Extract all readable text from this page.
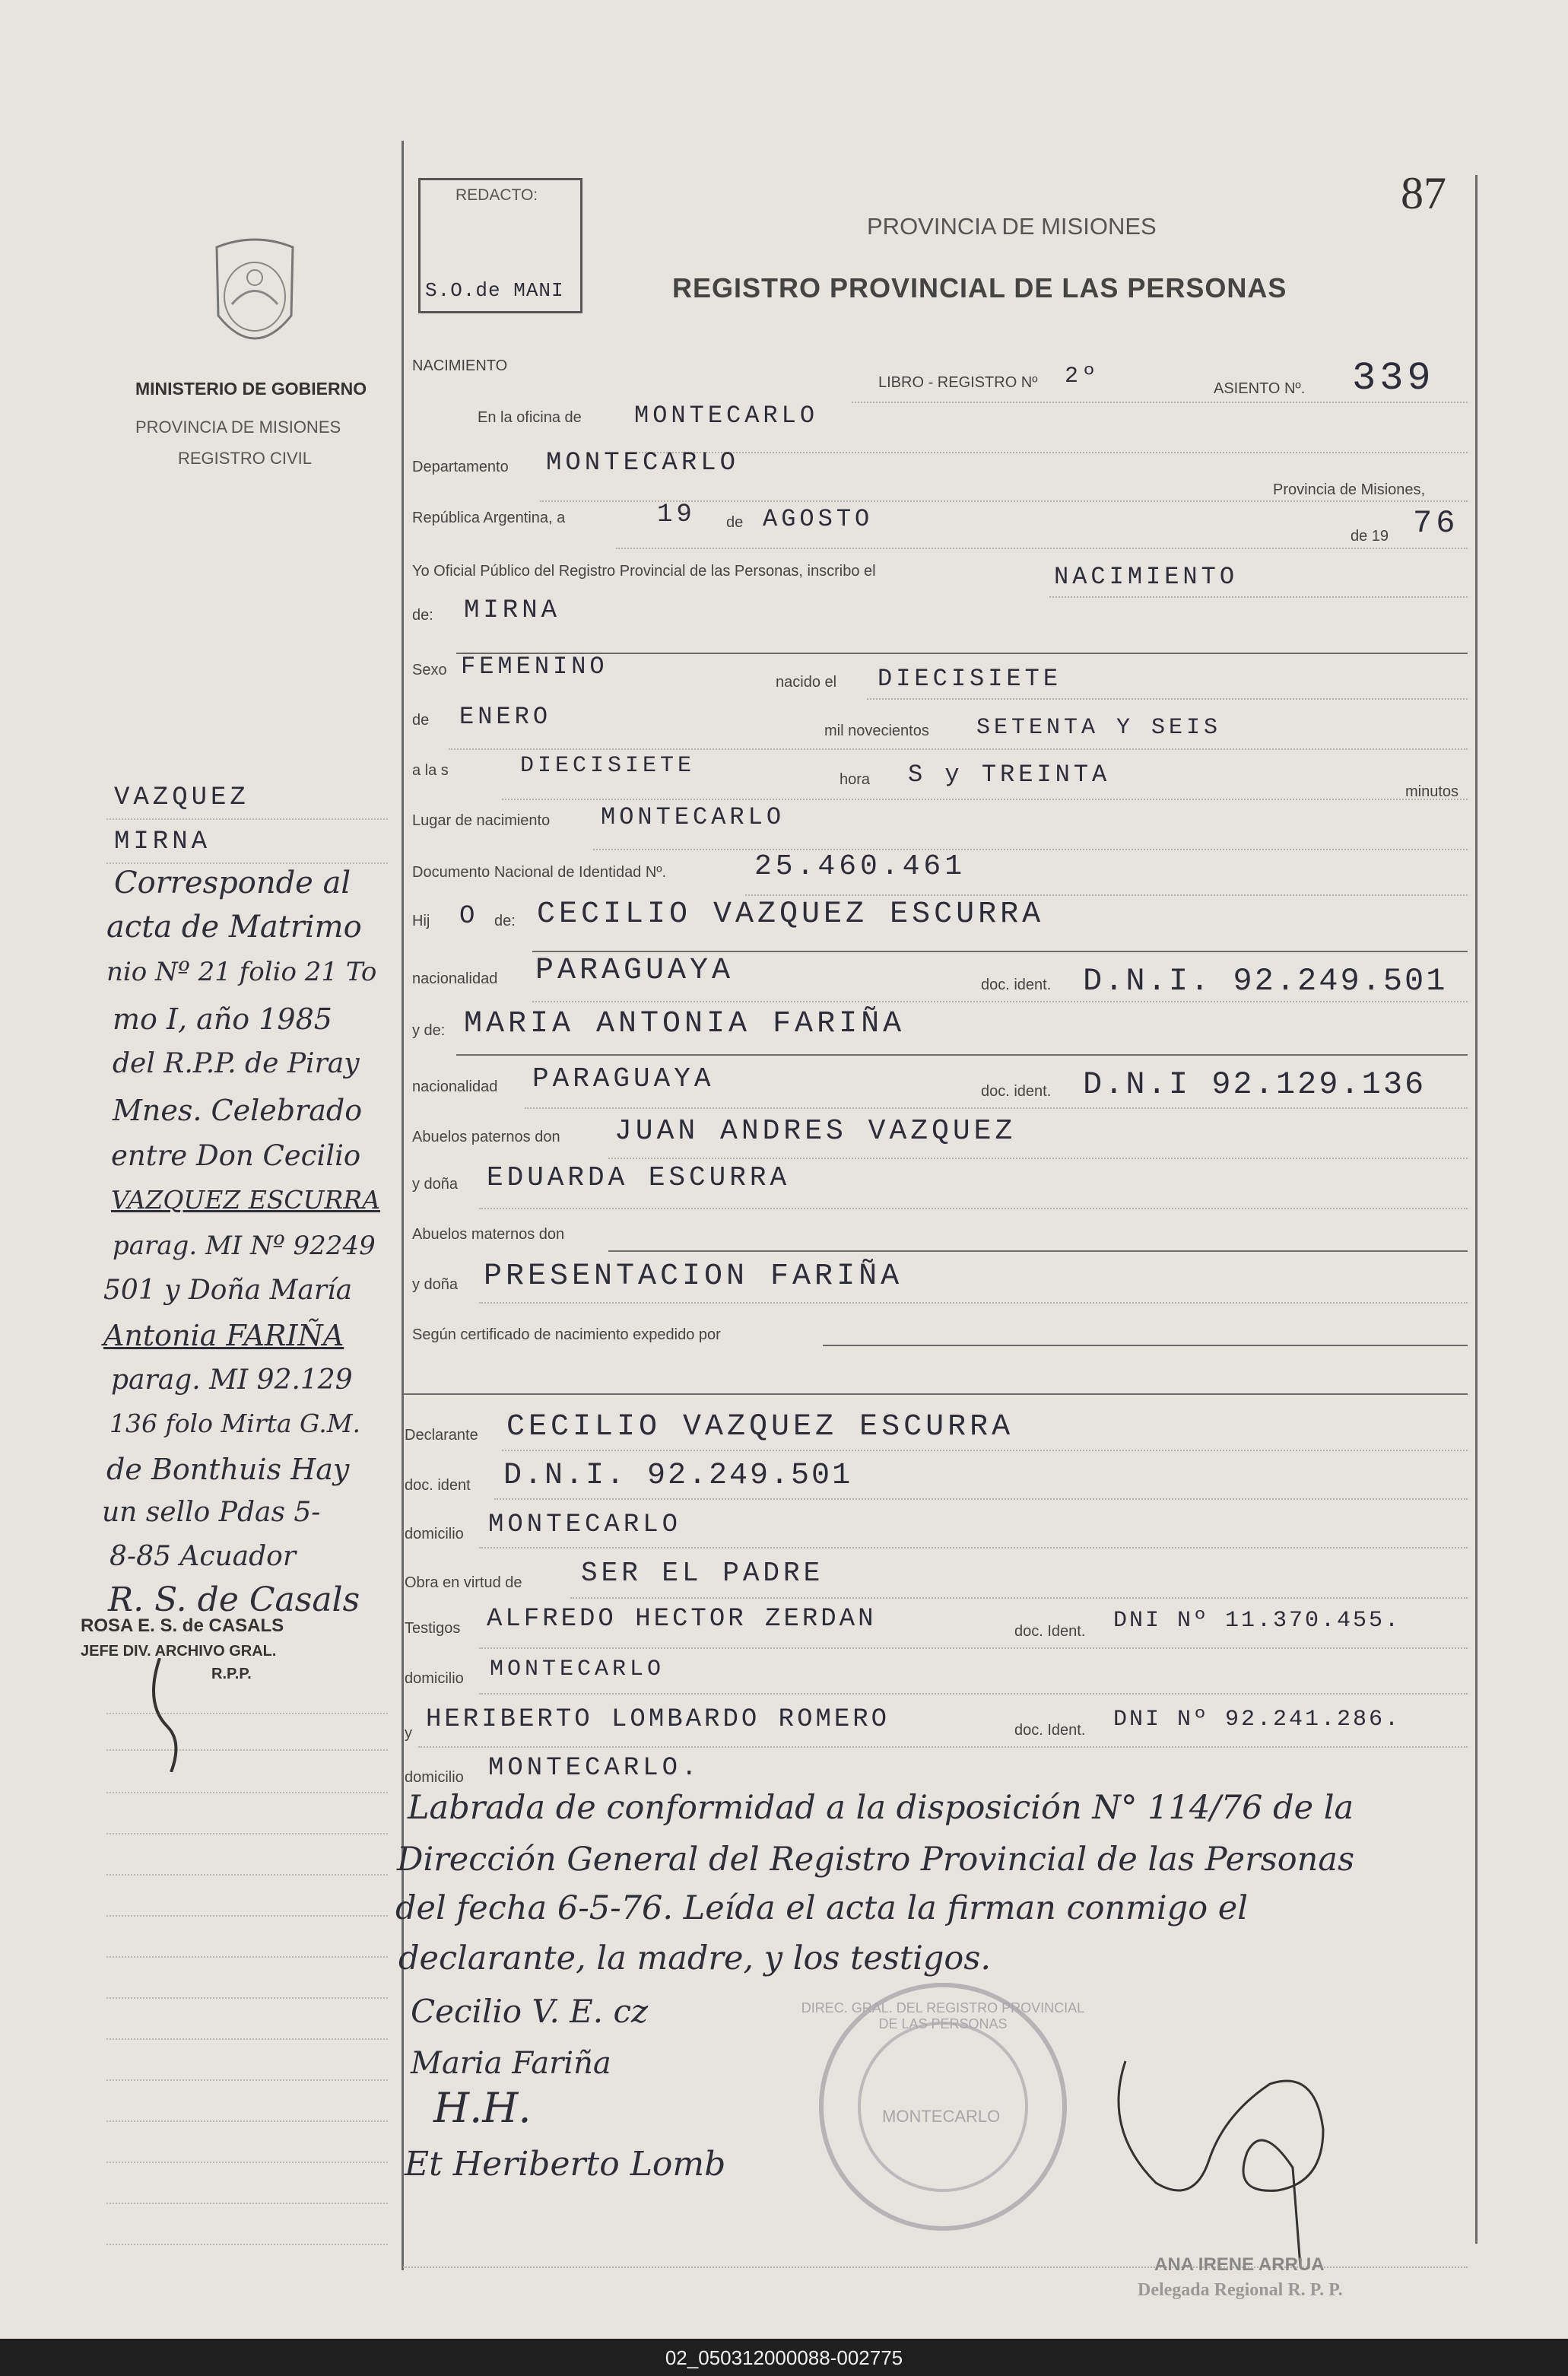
87
REDACTO:
S.O.de MANI
PROVINCIA DE MISIONES
REGISTRO PROVINCIAL DE LAS PERSONAS
MINISTERIO DE GOBIERNO
PROVINCIA DE MISIONES
REGISTRO CIVIL
NACIMIENTO
LIBRO - REGISTRO Nº 2º	ASIENTO Nº. 339
En la oficina de MONTECARLO
Departamento MONTECARLO
Provincia de Misiones,
República Argentina, a	19 de AGOSTO
de 19 76
Yo Oficial Público del Registro Provincial de las Personas, inscribo el	NACIMIENTO
de: MIRNA
Sexo FEMENINO
nacido el DIECISIETE
de ENERO	mil novecientos SETENTA Y SEIS
a la s	DIECISIETE
hora S y TREINTA
minutos
Lugar de nacimiento MONTECARLO
Documento Nacional de Identidad Nº.	25.460.461
Hij O de: CECILIO VAZQUEZ ESCURRA
nacionalidad PARAGUAYA	doc. ident. D.N.I. 92.249.501
y de: MARIA ANTONIA FARIÑA
nacionalidad PARAGUAYA	doc. ident. D.N.I 92.129.136
Abuelos paternos don JUAN ANDRES VAZQUEZ
y doña EDUARDA ESCURRA
Abuelos maternos don
y doña PRESENTACION FARIÑA
Según certificado de nacimiento expedido por
Declarante CECILIO VAZQUEZ ESCURRA
doc. ident D.N.I. 92.249.501
domicilio MONTECARLO
Obra en virtud de SER EL PADRE
Testigos ALFREDO HECTOR ZERDAN	doc. Ident. DNI Nº 11.370.455.
domicilio MONTECARLO
y HERIBERTO LOMBARDO ROMERO	doc. Ident. DNI Nº 92.241.286.
domicilio MONTECARLO.
Labrada de conformidad a la disposición N° 114/76 de la
Dirección General del Registro Provincial de las Personas
del fecha 6-5-76. Leída el acta la firman conmigo el
declarante, la madre, y los testigos.
Cecilio V. E. cz
Maria Fariña
H.H.
Et Heriberto Lomb
DIREC. GRAL. DEL REGISTRO PROVINCIAL DE LAS PERSONAS
MONTECARLO
ANA IRENE ARRUA
Delegada Regional R. P. P.
VAZQUEZ
MIRNA
Corresponde al
acta de Matrimo
nio Nº 21 folio 21 To
mo I, año 1985
del R.P.P. de Piray
Mnes. Celebrado
entre Don Cecilio
VAZQUEZ ESCURRA
parag. MI Nº 92249
501 y Doña María
Antonia FARIÑA
parag. MI 92.129
136 folo Mirta G.M.
de Bonthuis Hay
un sello Pdas 5-
8-85 Acuador
R. S. de Casals
ROSA E. S. de CASALS
JEFE DIV. ARCHIVO GRAL.
R.P.P.
02_050312000088-002775
